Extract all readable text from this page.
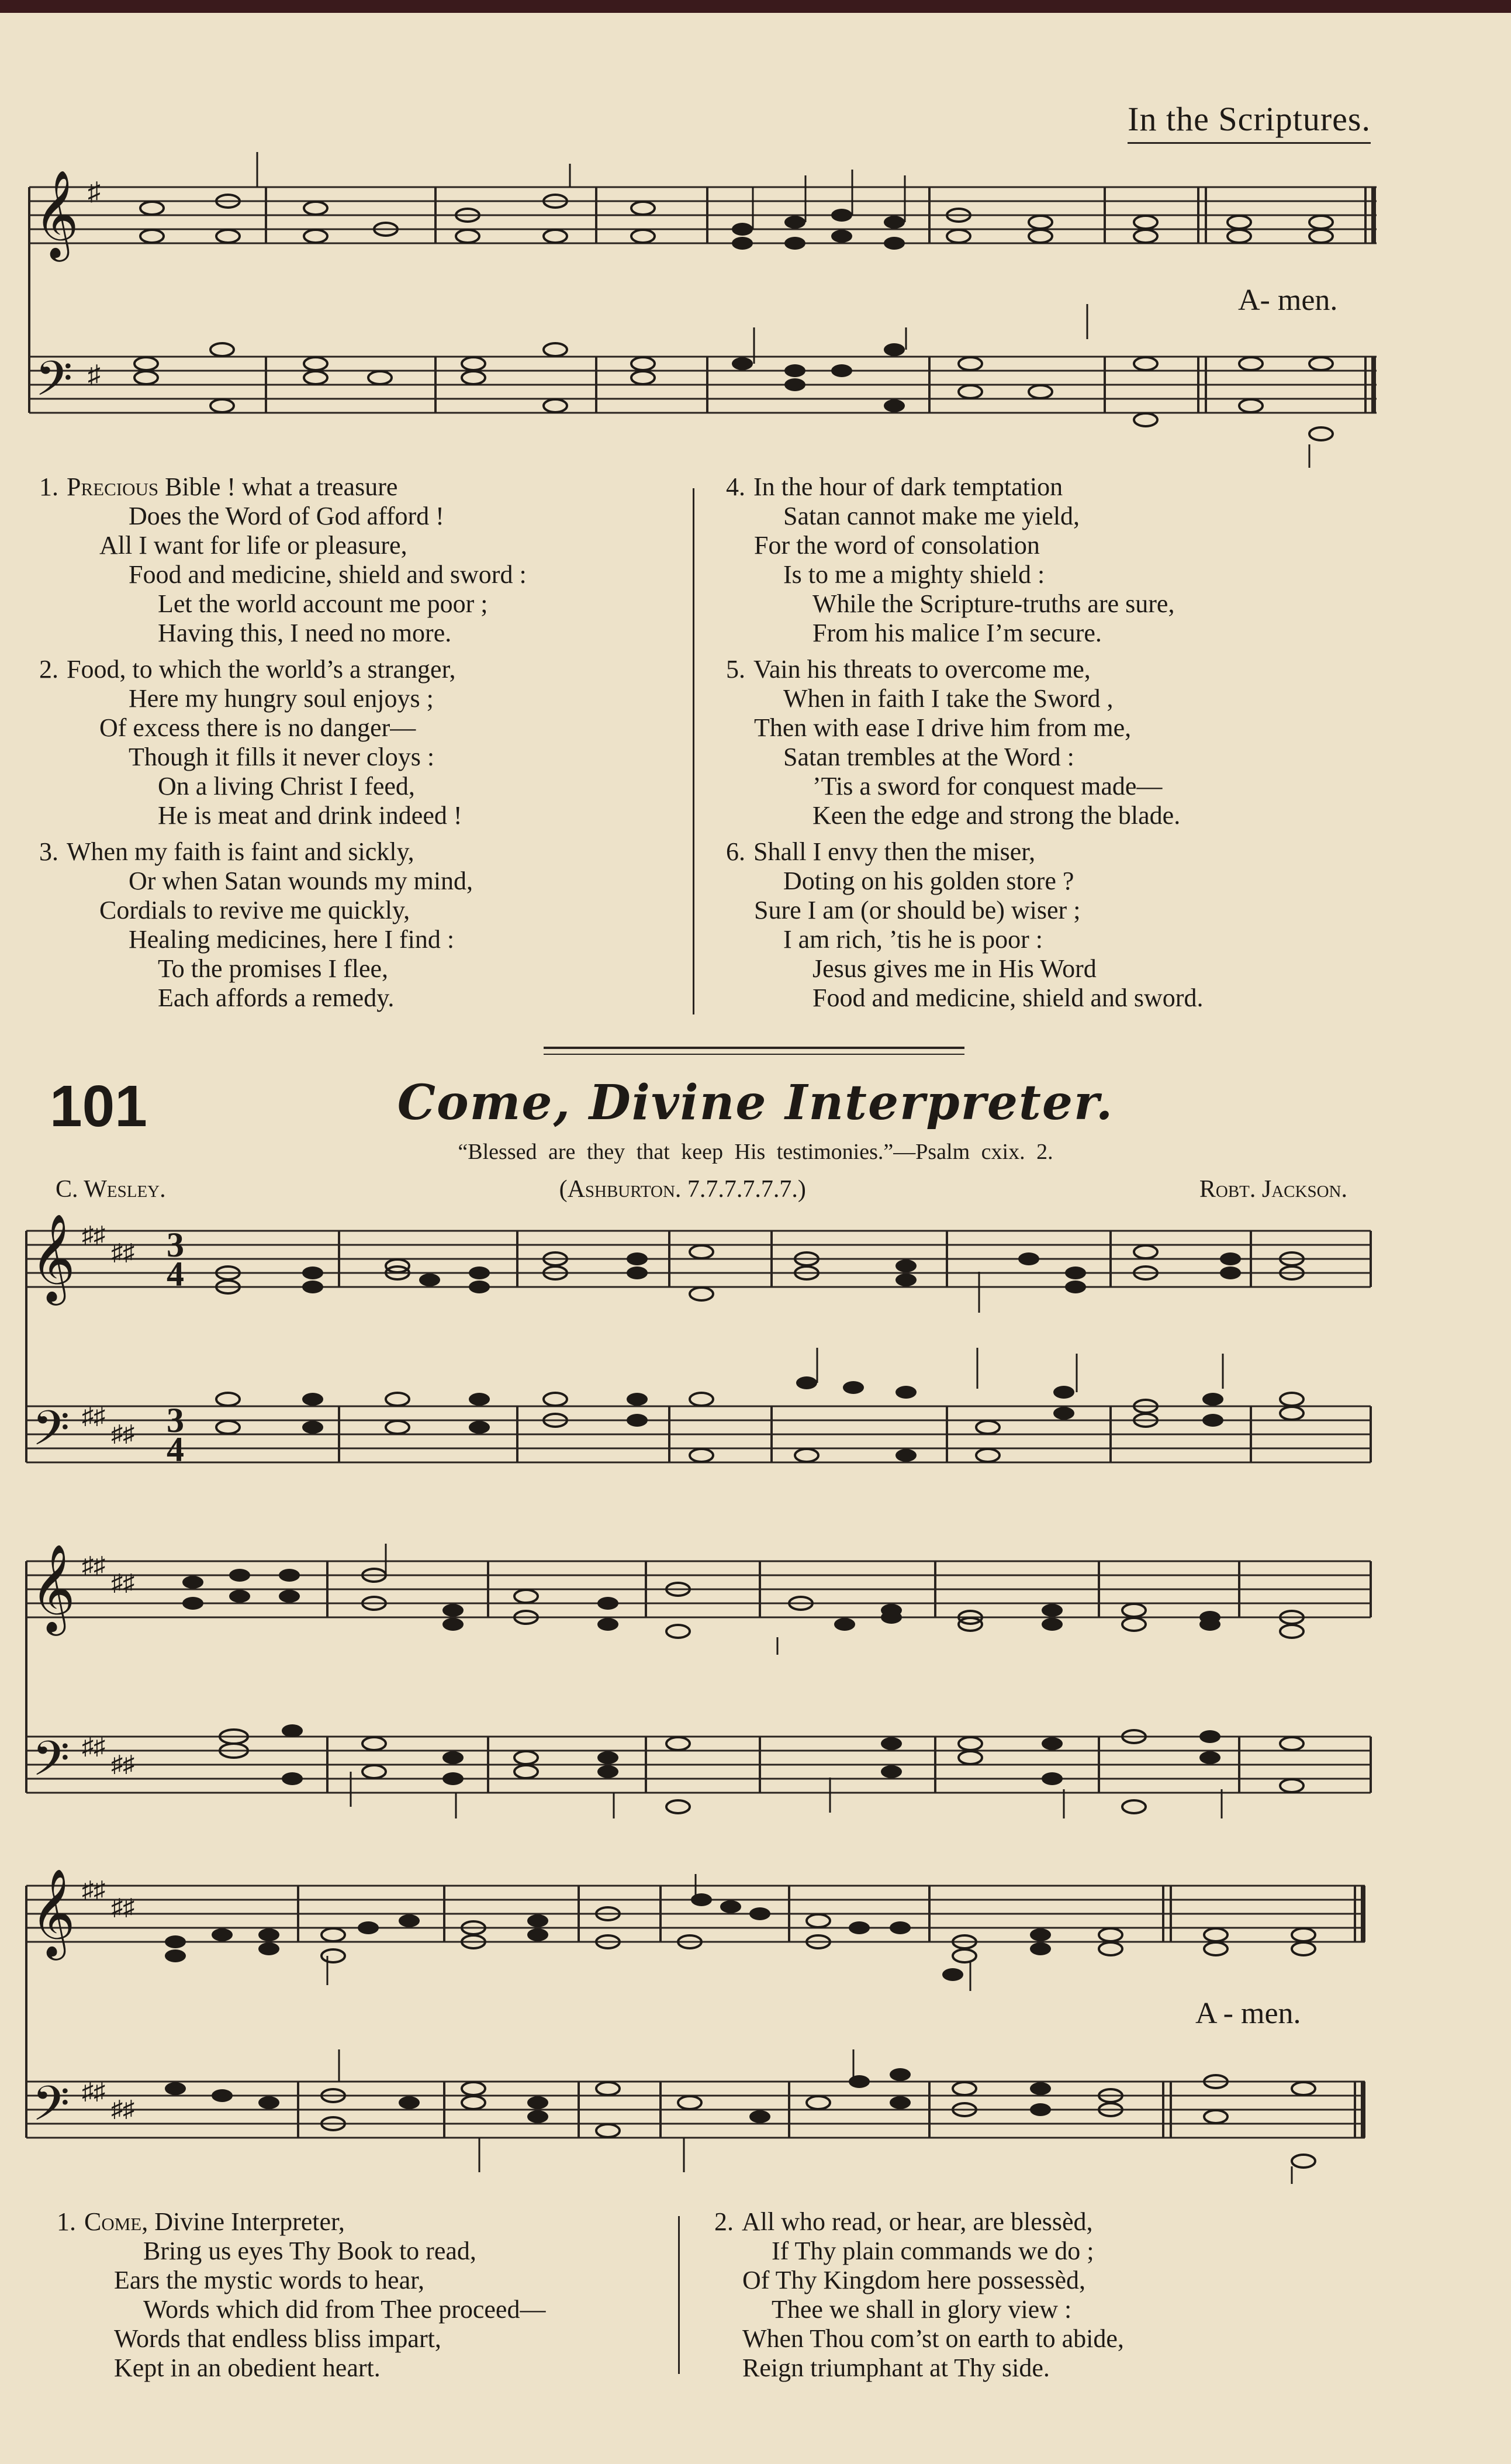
In the Scriptures.
𝄞
𝄢
♯
♯
A- men.
1. Precious Bible ! what a treasure
Does the Word of God afford !
All I want for life or pleasure,
Food and medicine, shield and sword :
Let the world account me poor ;
Having this, I need no more.
2. Food, to which the world’s a stranger,
Here my hungry soul enjoys ;
Of excess there is no danger—
Though it fills it never cloys :
On a living Christ I feed,
He is meat and drink indeed !
3. When my faith is faint and sickly,
Or when Satan wounds my mind,
Cordials to revive me quickly,
Healing medicines, here I find :
To the promises I flee,
Each affords a remedy.
4. In the hour of dark temptation
Satan cannot make me yield,
For the word of consolation
Is to me a mighty shield :
While the Scripture-truths are sure,
From his malice I’m secure.
5. Vain his threats to overcome me,
When in faith I take the Sword ,
Then with ease I drive him from me,
Satan trembles at the Word :
’Tis a sword for conquest made—
Keen the edge and strong the blade.
6. Shall I envy then the miser,
Doting on his golden store ?
Sure I am (or should be) wiser ;
I am rich, ’tis he is poor :
Jesus gives me in His Word
Food and medicine, shield and sword.
101	Come, Divine Interpreter.
“Blessed are they that keep His testimonies.”—Psalm cxix. 2.
C. Wesley.	(Ashburton. 7.7.7.7.7.7.)	Robt. Jackson.
𝄞
𝄢
♯♯
♯♯
♯♯
♯♯
3
4
3
4
𝄞
𝄢
♯♯
♯♯
♯♯
♯♯
𝄞
𝄢
♯♯
♯♯
♯♯
♯♯
A - men.
1. Come, Divine Interpreter,
Bring us eyes Thy Book to read,
Ears the mystic words to hear,
Words which did from Thee proceed—
Words that endless bliss impart,
Kept in an obedient heart.
2. All who read, or hear, are blessèd,
If Thy plain commands we do ;
Of Thy Kingdom here possessèd,
Thee we shall in glory view :
When Thou com’st on earth to abide,
Reign triumphant at Thy side.
